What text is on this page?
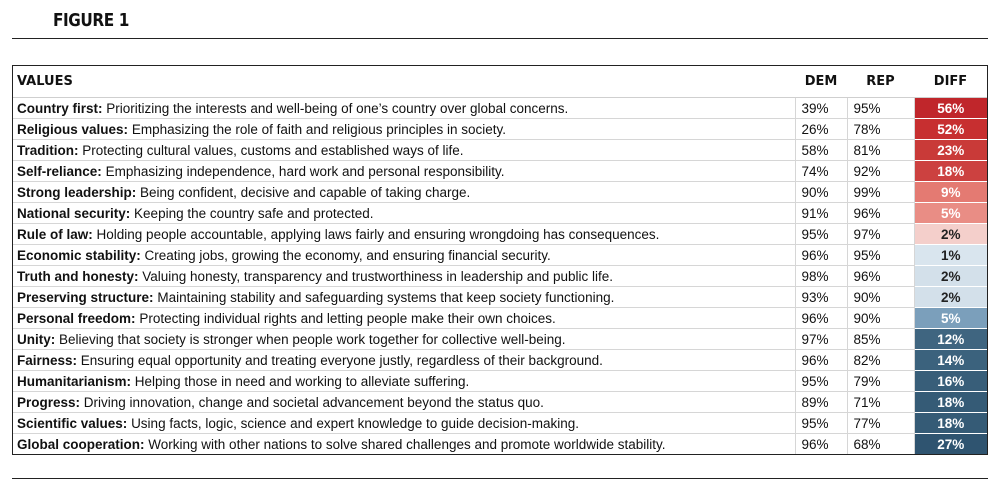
FIGURE 1
VALUES	DEM	REP	DIFF
Country first: Prioritizing the interests and well-being of one’s country over global concerns.	39%	95%	56%
Religious values: Emphasizing the role of faith and religious principles in society.	26%	78%	52%
Tradition: Protecting cultural values, customs and established ways of life.	58%	81%	23%
Self-reliance: Emphasizing independence, hard work and personal responsibility.	74%	92%	18%
Strong leadership: Being confident, decisive and capable of taking charge.	90%	99%	9%
National security: Keeping the country safe and protected.	91%	96%	5%
Rule of law: Holding people accountable, applying laws fairly and ensuring wrongdoing has consequences.	95%	97%	2%
Economic stability: Creating jobs, growing the economy, and ensuring financial security.	96%	95%	1%
Truth and honesty: Valuing honesty, transparency and trustworthiness in leadership and public life.	98%	96%	2%
Preserving structure: Maintaining stability and safeguarding systems that keep society functioning.	93%	90%	2%
Personal freedom: Protecting individual rights and letting people make their own choices.	96%	90%	5%
Unity: Believing that society is stronger when people work together for collective well-being.	97%	85%	12%
Fairness: Ensuring equal opportunity and treating everyone justly, regardless of their background.	96%	82%	14%
Humanitarianism: Helping those in need and working to alleviate suffering.	95%	79%	16%
Progress: Driving innovation, change and societal advancement beyond the status quo.	89%	71%	18%
Scientific values: Using facts, logic, science and expert knowledge to guide decision-making.	95%	77%	18%
Global cooperation: Working with other nations to solve shared challenges and promote worldwide stability.	96%	68%	27%
